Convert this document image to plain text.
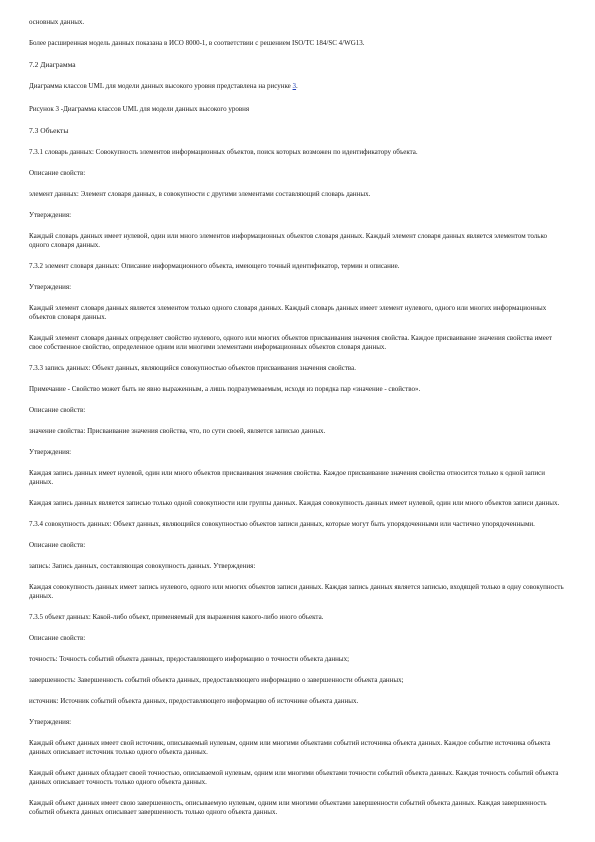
основных данных.

Более расширенная модель данных показана в ИСО 8000-1, в соответствии с решением ISO/TC 184/SC 4/WG13.

7.2 Диаграмма

Диаграмма классов UML для модели данных высокого уровня представлена на рисунке 3.

Рисунок 3 -Диаграмма классов UML для модели данных высокого уровня

7.3 Объекты

7.3.1 словарь данных: Совокупность элементов информационных объектов, поиск которых возможен по идентификатору объекта.

Описание свойств:

элемент данных: Элемент словаря данных, в совокупности с другими элементами составляющий словарь данных.

Утверждения:

Каждый словарь данных имеет нулевой, один или много элементов информационных объектов словаря данных. Каждый элемент словаря данных является элементом только одного словаря данных.

7.3.2 элемент словаря данных: Описание информационного объекта, имеющего точный идентификатор, термин и описание.

Утверждения:

Каждый элемент словаря данных является элементом только одного словаря данных. Каждый словарь данных имеет элемент нулевого, одного или многих информационных объектов словаря данных.

Каждый элемент словаря данных определяет свойство нулевого, одного или многих объектов присваивания значения свойства. Каждое присваивание значения свойства имеет свое собственное свойство, определенное одним или многими элементами информационных объектов словаря данных.

7.3.3 запись данных: Объект данных, являющийся совокупностью объектов присваивания значения свойства.

Примечание - Свойство может быть не явно выраженным, а лишь подразумеваемым, исходя из порядка пар «значение - свойство».

Описание свойств:

значение свойства: Присваивание значения свойства, что, по сути своей, является записью данных.

Утверждения:

Каждая запись данных имеет нулевой, один или много объектов присваивания значения свойства. Каждое присваивание значения свойства относится только к одной записи данных.

Каждая запись данных является записью только одной совокупности или группы данных. Каждая совокупность данных имеет нулевой, один или много объектов записи данных.

7.3.4 совокупность данных: Объект данных, являющийся совокупностью объектов записи данных, которые могут быть упорядоченными или частично упорядоченными.

Описание свойств:

запись: Запись данных, составляющая совокупность данных. Утверждения:

Каждая совокупность данных имеет запись нулевого, одного или многих объектов записи данных. Каждая запись данных является записью, входящей только в одну совокупность данных.

7.3.5 объект данных: Какой-либо объект, применяемый для выражения какого-либо иного объекта.

Описание свойств:

точность: Точность событий объекта данных, предоставляющего информацию о точности объекта данных;

завершенность: Завершенность событий объекта данных, предоставляющего информацию о завершенности объекта данных;

источник: Источник событий объекта данных, предоставляющего информацию об источнике объекта данных.

Утверждения:

Каждый объект данных имеет свой источник, описываемый нулевым, одним или многими объектами событий источника объекта данных. Каждое событие источника объекта данных описывает источник только одного объекта данных.

Каждый объект данных обладает своей точностью, описываемой нулевым, одним или многими объектами точности событий объекта данных. Каждая точность событий объекта данных описывает точность только одного объекта данных.

Каждый объект данных имеет свою завершенность, описываемую нулевым, одним или многими объектами завершенности событий объекта данных. Каждая завершенность событий объекта данных описывает завершенность только одного объекта данных.
